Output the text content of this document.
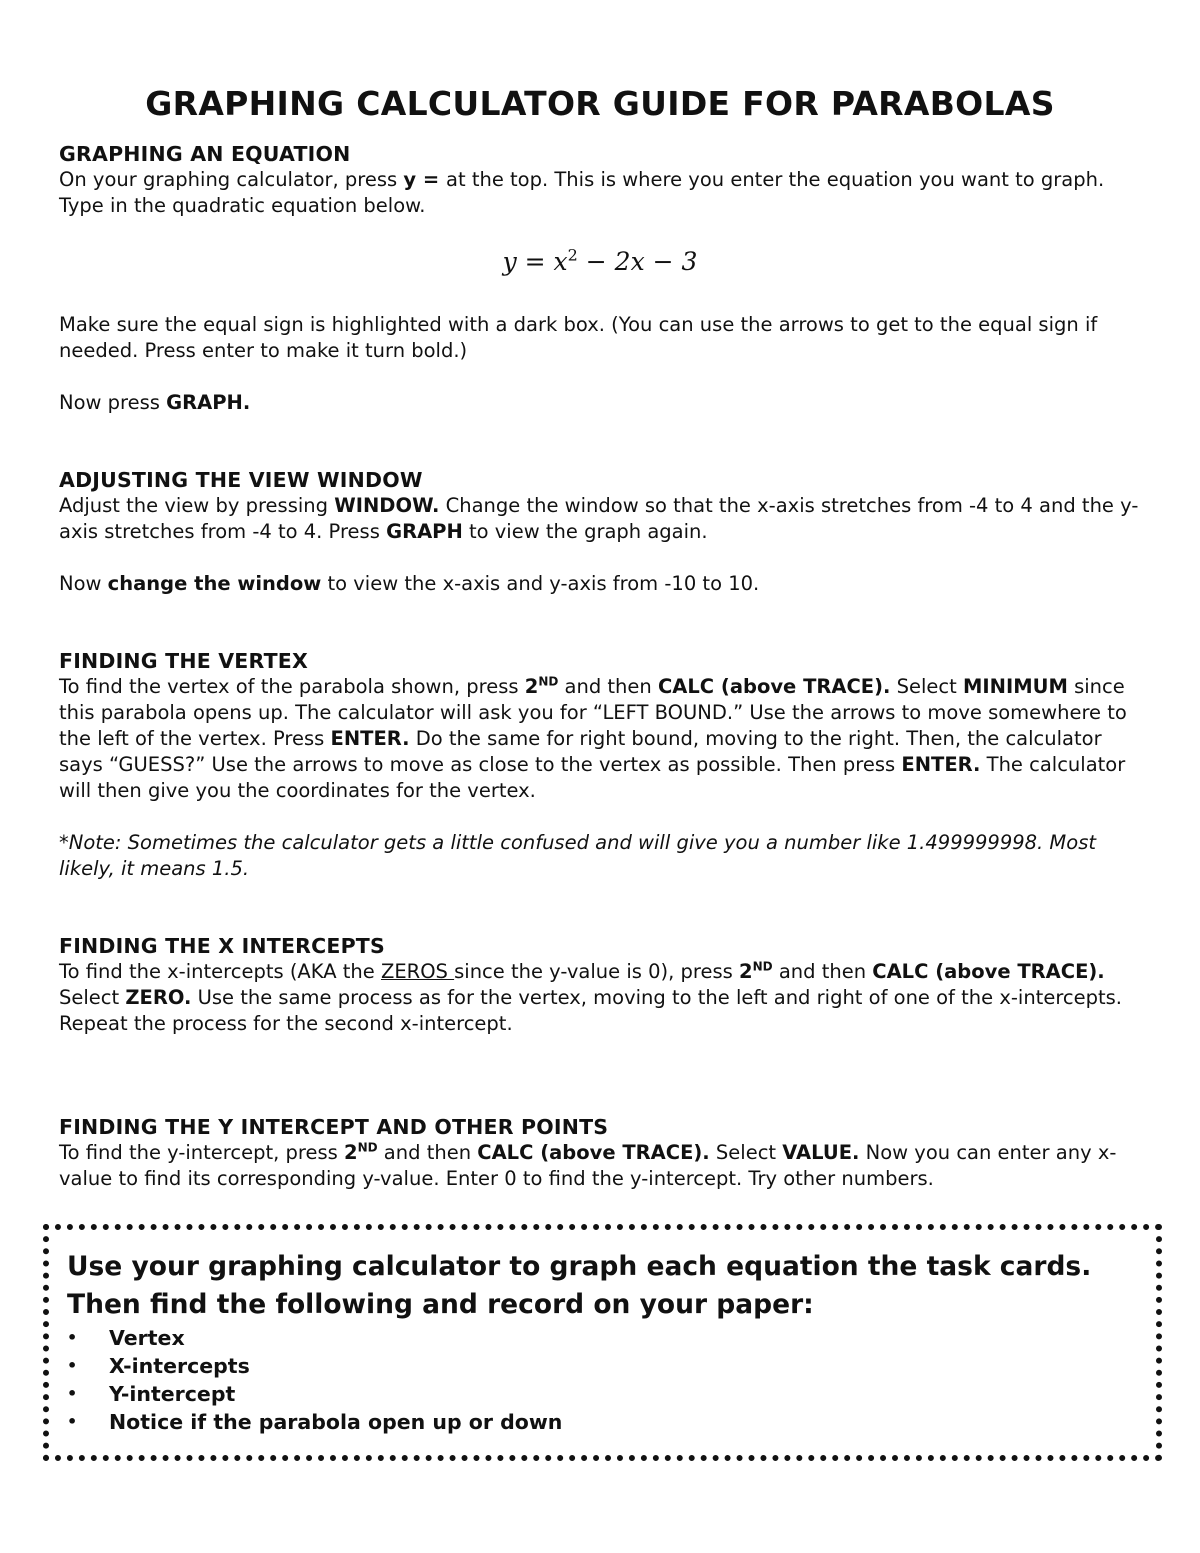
GRAPHING CALCULATOR GUIDE FOR PARABOLAS
GRAPHING AN EQUATION

On your graphing calculator, press y = at the top. This is where you enter the equation you want to graph. Type in the quadratic equation below.

$y = x^2 - 2x - 3$

Make sure the equal sign is highlighted with a dark box. (You can use the arrows to get to the equal sign if needed. Press enter to make it turn bold.)

Now press GRAPH.

ADJUSTING THE VIEW WINDOW

Adjust the view by pressing WINDOW. Change the window so that the x-axis stretches from -4 to 4 and the y-axis stretches from -4 to 4. Press GRAPH to view the graph again.

Now change the window to view the x-axis and y-axis from -10 to 10.

FINDING THE VERTEX

To find the vertex of the parabola shown, press 2ND and then CALC (above TRACE). Select MINIMUM since this parabola opens up. The calculator will ask you for “LEFT BOUND.” Use the arrows to move somewhere to the left of the vertex. Press ENTER. Do the same for right bound, moving to the right. Then, the calculator says “GUESS?” Use the arrows to move as close to the vertex as possible. Then press ENTER. The calculator will then give you the coordinates for the vertex.

*Note: Sometimes the calculator gets a little confused and will give you a number like 1.499999998. Most likely, it means 1.5.

FINDING THE X INTERCEPTS

To find the x-intercepts (AKA the ZEROS since the y-value is 0), press 2ND and then CALC (above TRACE). Select ZERO. Use the same process as for the vertex, moving to the left and right of one of the x-intercepts. Repeat the process for the second x-intercept.

FINDING THE Y INTERCEPT AND OTHER POINTS

To find the y-intercept, press 2ND and then CALC (above TRACE). Select VALUE. Now you can enter any x-value to find its corresponding y-value. Enter 0 to find the y-intercept. Try other numbers.

Use your graphing calculator to graph each equation the task cards. Then find the following and record on your paper:

•	Vertex
•	X-intercepts
•	Y-intercept
•	Notice if the parabola open up or down
